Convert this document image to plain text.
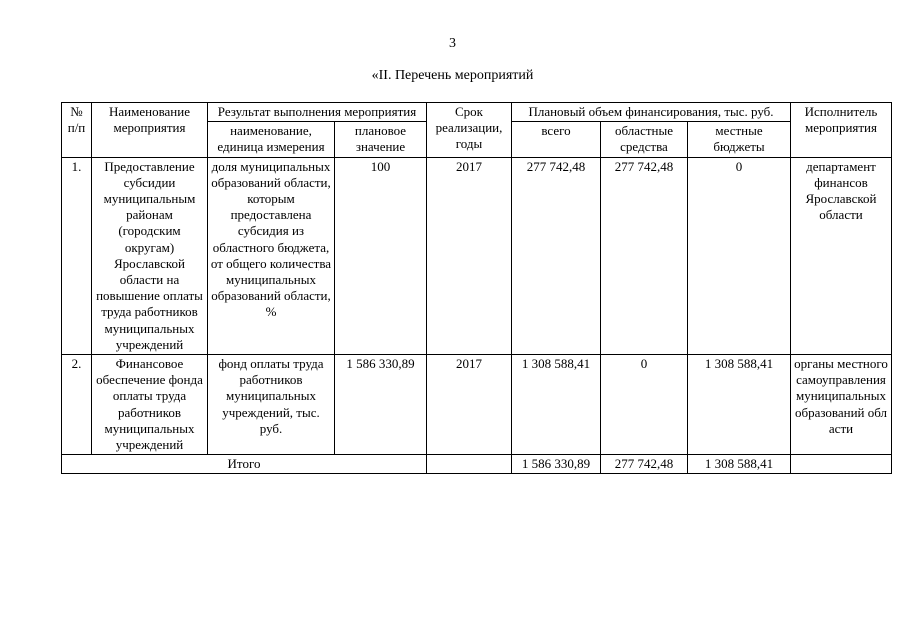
3
«II. Перечень мероприятий
№ п/п	Наименование мероприятия	Результат выполнения мероприятия		Срок реализации, годы	Плановый объем финансирования, тыс. руб.			Исполнитель мероприятия
		наименование, единица измерения	плановое значение		всего	областные средства	местные бюджеты	
1.	Предоставление субсидии муниципальным районам (городским округам) Ярославской области на повышение оплаты труда работников муниципальных учреждений	доля муниципальных образований области, которым предоставлена субсидия из областного бюджета, от общего количества муниципальных образований области, %	100	2017	277 742,48	277 742,48	0	департамент финансов Ярославской области
2.	Финансовое обеспечение фонда оплаты труда работников муниципальных учреждений	фонд оплаты труда работников муниципальных учреждений, тыс. руб.	1 586 330,89	2017	1 308 588,41	0	1 308 588,41	органы местного самоуправления муниципальных образований области
Итого					1 586 330,89	277 742,48	1 308 588,41	
